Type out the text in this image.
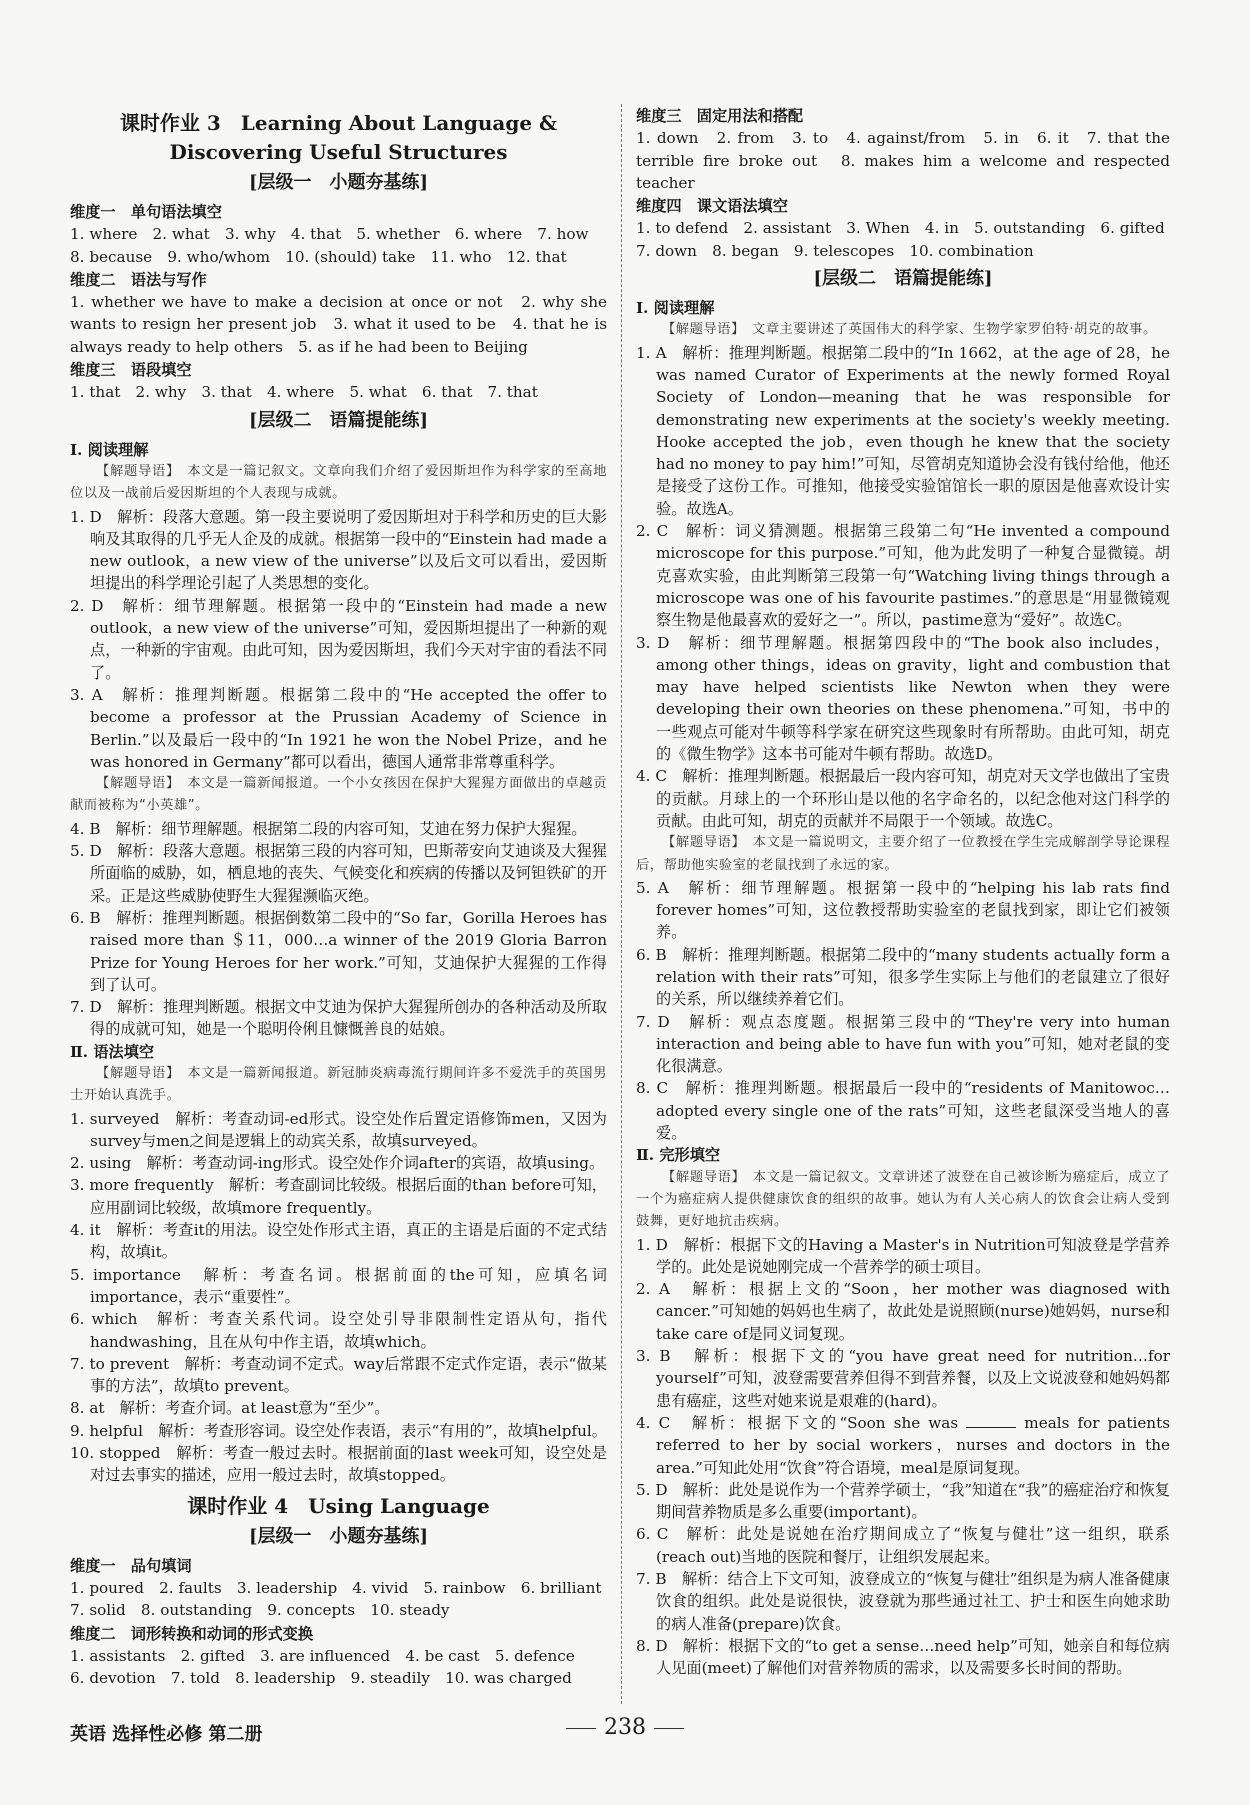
课时作业 3　Learning About Language &
Discovering Useful Structures
[层级一　小题夯基练]

维度一　单句语法填空

1. where　2. what　3. why　4. that　5. whether　6. where　7. how

8. because　9. who/whom　10. (should) take　11. who　12. that

维度二　语法与写作

1. whether we have to make a decision at once or not　2. why she wants to resign her present job　3. what it used to be　4. that he is always ready to help others　5. as if he had been to Beijing

维度三　语段填空

1. that　2. why　3. that　4. where　5. what　6. that　7. that

[层级二　语篇提能练]

Ⅰ. 阅读理解

【解题导语】　本文是一篇记叙文。文章向我们介绍了爱因斯坦作为科学家的至高地位以及一战前后爱因斯坦的个人表现与成就。

1. D　解析：段落大意题。第一段主要说明了爱因斯坦对于科学和历史的巨大影响及其取得的几乎无人企及的成就。根据第一段中的“Einstein had made a new outlook，a new view of the universe”以及后文可以看出，爱因斯坦提出的科学理论引起了人类思想的变化。

2. D　解析：细节理解题。根据第一段中的“Einstein had made a new outlook，a new view of the universe”可知，爱因斯坦提出了一种新的观点，一种新的宇宙观。由此可知，因为爱因斯坦，我们今天对宇宙的看法不同了。

3. A　解析：推理判断题。根据第二段中的“He accepted the offer to become a professor at the Prussian Academy of Science in Berlin.”以及最后一段中的“In 1921 he won the Nobel Prize，and he was honored in Germany”都可以看出，德国人通常非常尊重科学。

【解题导语】　本文是一篇新闻报道。一个小女孩因在保护大猩猩方面做出的卓越贡献而被称为“小英雄”。

4. B　解析：细节理解题。根据第二段的内容可知，艾迪在努力保护大猩猩。

5. D　解析：段落大意题。根据第三段的内容可知，巴斯蒂安向艾迪谈及大猩猩所面临的威胁，如，栖息地的丧失、气候变化和疾病的传播以及钶钽铁矿的开采。正是这些威胁使野生大猩猩濒临灭绝。

6. B　解析：推理判断题。根据倒数第二段中的“So far，Gorilla Heroes has raised more than ＄11，000…a winner of the 2019 Gloria Barron Prize for Young Heroes for her work.”可知，艾迪保护大猩猩的工作得到了认可。

7. D　解析：推理判断题。根据文中艾迪为保护大猩猩所创办的各种活动及所取得的成就可知，她是一个聪明伶俐且慷慨善良的姑娘。

Ⅱ. 语法填空

【解题导语】　本文是一篇新闻报道。新冠肺炎病毒流行期间许多不爱洗手的英国男士开始认真洗手。

1. surveyed　解析：考查动词-ed形式。设空处作后置定语修饰men，又因为survey与men之间是逻辑上的动宾关系，故填surveyed。

2. using　解析：考查动词-ing形式。设空处作介词after的宾语，故填using。

3. more frequently　解析：考查副词比较级。根据后面的than before可知，应用副词比较级，故填more frequently。

4. it　解析：考查it的用法。设空处作形式主语，真正的主语是后面的不定式结构，故填it。

5. importance　解析：考查名词。根据前面的the可知，应填名词importance，表示“重要性”。

6. which　解析：考查关系代词。设空处引导非限制性定语从句，指代handwashing，且在从句中作主语，故填which。

7. to prevent　解析：考查动词不定式。way后常跟不定式作定语，表示“做某事的方法”，故填to prevent。

8. at　解析：考查介词。at least意为“至少”。

9. helpful　解析：考查形容词。设空处作表语，表示“有用的”，故填helpful。

10. stopped　解析：考查一般过去时。根据前面的last week可知，设空处是对过去事实的描述，应用一般过去时，故填stopped。

课时作业 4　Using Language
[层级一　小题夯基练]

维度一　品句填词

1. poured　2. faults　3. leadership　4. vivid　5. rainbow　6. brilliant

7. solid　8. outstanding　9. concepts　10. steady

维度二　词形转换和动词的形式变换

1. assistants　2. gifted　3. are influenced　4. be cast　5. defence

6. devotion　7. told　8. leadership　9. steadily　10. was charged

维度三　固定用法和搭配

1. down　2. from　3. to　4. against/from　5. in　6. it　7. that the terrible fire broke out　8. makes him a welcome and respected teacher

维度四　课文语法填空

1. to defend　2. assistant　3. When　4. in　5. outstanding　6. gifted

7. down　8. began　9. telescopes　10. combination

[层级二　语篇提能练]

Ⅰ. 阅读理解

【解题导语】　文章主要讲述了英国伟大的科学家、生物学家罗伯特·胡克的故事。

1. A　解析：推理判断题。根据第二段中的“In 1662，at the age of 28，he was named Curator of Experiments at the newly formed Royal Society of London—meaning that he was responsible for demonstrating new experiments at the society's weekly meeting. Hooke accepted the job，even though he knew that the society had no money to pay him!”可知，尽管胡克知道协会没有钱付给他，他还是接受了这份工作。可推知，他接受实验馆馆长一职的原因是他喜欢设计实验。故选A。

2. C　解析：词义猜测题。根据第三段第二句“He invented a compound microscope for this purpose.”可知，他为此发明了一种复合显微镜。胡克喜欢实验，由此判断第三段第一句“Watching living things through a microscope was one of his favourite pastimes.”的意思是“用显微镜观察生物是他最喜欢的爱好之一”。所以，pastime意为“爱好”。故选C。

3. D　解析：细节理解题。根据第四段中的“The book also includes，among other things，ideas on gravity，light and combustion that may have helped scientists like Newton when they were developing their own theories on these phenomena.”可知，书中的一些观点可能对牛顿等科学家在研究这些现象时有所帮助。由此可知，胡克的《微生物学》这本书可能对牛顿有帮助。故选D。

4. C　解析：推理判断题。根据最后一段内容可知，胡克对天文学也做出了宝贵的贡献。月球上的一个环形山是以他的名字命名的，以纪念他对这门科学的贡献。由此可知，胡克的贡献并不局限于一个领域。故选C。

【解题导语】　本文是一篇说明文，主要介绍了一位教授在学生完成解剖学导论课程后，帮助他实验室的老鼠找到了永远的家。

5. A　解析：细节理解题。根据第一段中的“helping his lab rats find forever homes”可知，这位教授帮助实验室的老鼠找到家，即让它们被领养。

6. B　解析：推理判断题。根据第二段中的“many students actually form a relation with their rats”可知，很多学生实际上与他们的老鼠建立了很好的关系，所以继续养着它们。

7. D　解析：观点态度题。根据第三段中的“They're very into human interaction and being able to have fun with you”可知，她对老鼠的变化很满意。

8. C　解析：推理判断题。根据最后一段中的“residents of Manitowoc… adopted every single one of the rats”可知，这些老鼠深受当地人的喜爱。

Ⅱ. 完形填空

【解题导语】　本文是一篇记叙文。文章讲述了波登在自己被诊断为癌症后，成立了一个为癌症病人提供健康饮食的组织的故事。她认为有人关心病人的饮食会让病人受到鼓舞，更好地抗击疾病。

1. D　解析：根据下文的Having a Master's in Nutrition可知波登是学营养学的。此处是说她刚完成一个营养学的硕士项目。

2. A　解析：根据上文的“Soon，her mother was diagnosed with cancer.”可知她的妈妈也生病了，故此处是说照顾(nurse)她妈妈，nurse和take care of是同义词复现。

3. B　解析：根据下文的“you have great need for nutrition…for yourself”可知，波登需要营养但得不到营养餐，以及上文说波登和她妈妈都患有癌症，这些对她来说是艰难的(hard)。

4. C　解析：根据下文的“Soon she was	meals for patients referred to her by social workers，nurses and doctors in the area.”可知此处用“饮食”符合语境，meal是原词复现。

5. D　解析：此处是说作为一个营养学硕士，“我”知道在“我”的癌症治疗和恢复期间营养物质是多么重要(important)。

6. C　解析：此处是说她在治疗期间成立了“恢复与健壮”这一组织，联系(reach out)当地的医院和餐厅，让组织发展起来。

7. B　解析：结合上下文可知，波登成立的“恢复与健壮”组织是为病人准备健康饮食的组织。此处是说很快，波登就为那些通过社工、护士和医生向她求助的病人准备(prepare)饮食。

8. D　解析：根据下文的“to get a sense…need help”可知，她亲自和每位病人见面(meet)了解他们对营养物质的需求，以及需要多长时间的帮助。

英语 选择性必修 第二册	238
